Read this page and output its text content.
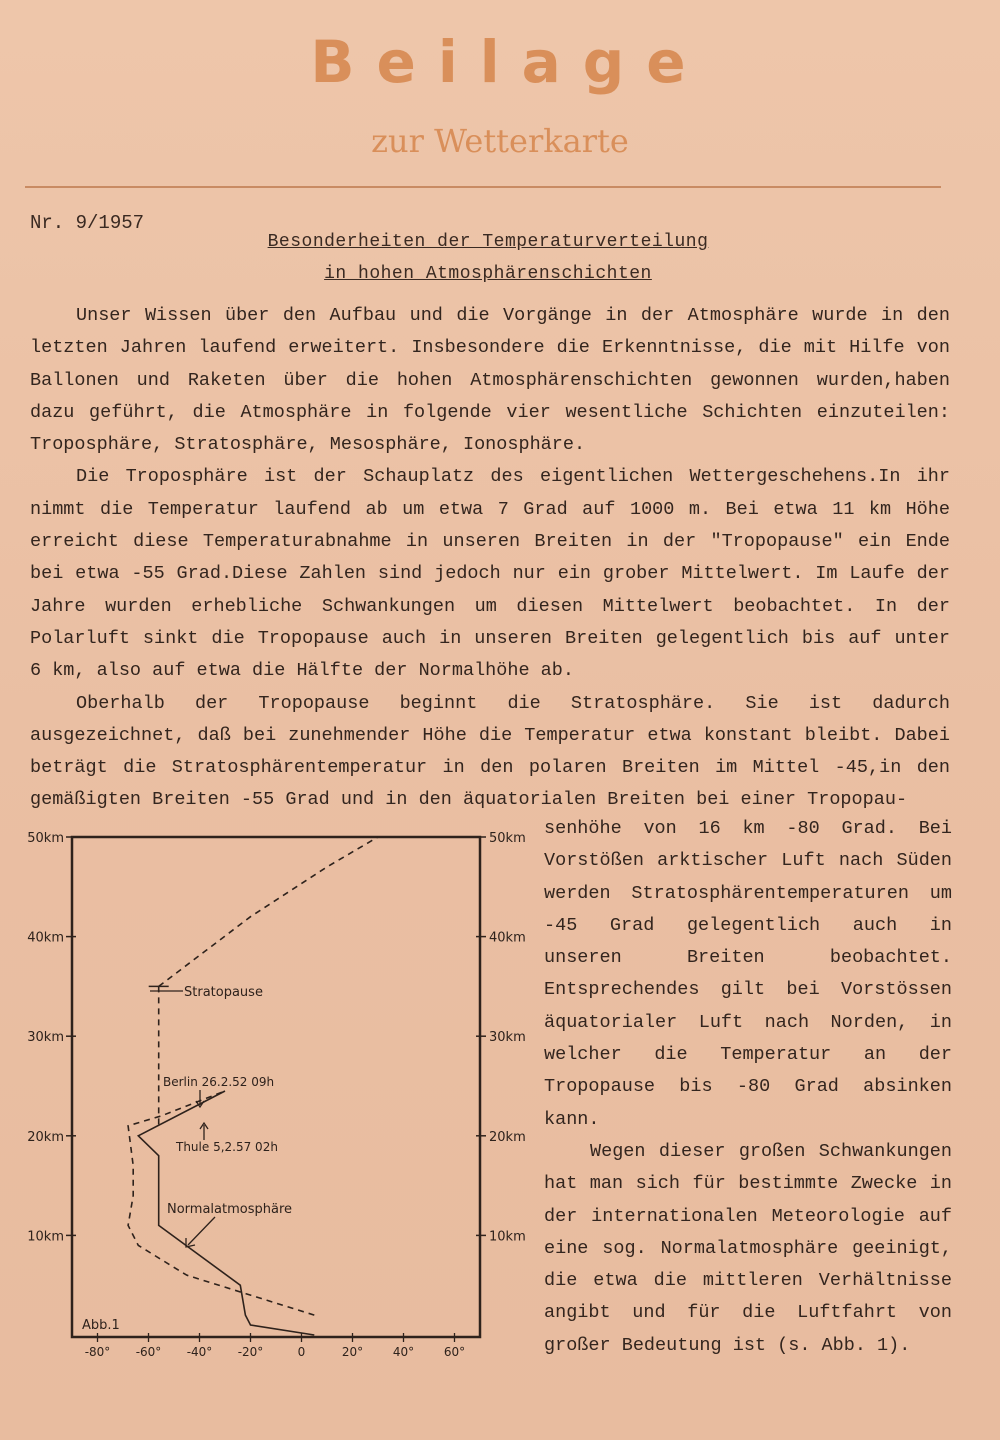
Beilage
zur Wetterkarte
Nr. 9/1957
Besonderheiten der Temperaturverteilung
in hohen Atmosphärenschichten

Unser Wissen über den Aufbau und die Vorgänge in der Atmosphäre wurde in den letzten Jahren laufend erweitert. Insbesondere die Erkenntnisse, die mit Hilfe von Ballonen und Raketen über die hohen Atmosphärenschichten gewonnen wurden,haben dazu geführt, die Atmosphäre in folgende vier wesentliche Schichten einzuteilen: Troposphäre, Stratosphäre, Mesosphäre, Ionosphäre.

Die Troposphäre ist der Schauplatz des eigentlichen Wettergeschehens.In ihr nimmt die Temperatur laufend ab um etwa 7 Grad auf 1000 m. Bei etwa 11 km Höhe erreicht diese Temperaturabnahme in unseren Breiten in der "Tropopause" ein Ende bei etwa -55 Grad.Diese Zahlen sind jedoch nur ein grober Mittelwert. Im Laufe der Jahre wurden erhebliche Schwankungen um diesen Mittelwert beobachtet. In der Polarluft sinkt die Tropopause auch in unseren Breiten gelegentlich bis auf unter 6 km, also auf etwa die Hälfte der Normalhöhe ab.

Oberhalb der Tropopause beginnt die Stratosphäre. Sie ist dadurch ausgezeichnet, daß bei zunehmender Höhe die Temperatur etwa konstant bleibt. Dabei beträgt die Stratosphärentemperatur in den polaren Breiten im Mittel -45,in den gemäßigten Breiten -55 Grad und in den äquatorialen Breiten bei einer Tropopau-

senhöhe von 16 km -80 Grad. Bei Vorstößen arktischer Luft nach Süden werden Stratosphärentemperaturen um -45 Grad gelegentlich auch in unseren Breiten beobachtet. Entsprechendes gilt bei Vorstössen äquatorialer Luft nach Norden, in welcher die Temperatur an der Tropopause bis -80 Grad absinken kann.

Wegen dieser großen Schwankungen hat man sich für bestimmte Zwecke in der internationalen Meteorologie auf eine sog. Normalatmosphäre geeinigt, die etwa die mittleren Verhältnisse angibt und für die Luftfahrt von großer Bedeutung ist (s. Abb. 1).

10km
20km
30km
40km
50km
10km
20km
30km
40km
50km
-80° -60° -40° -20°	0	20° 40° 60°
Abb.1
Stratopause
Berlin 26.2.52 09h
Thule 5,2.57 02h
Normalatmosphäre
